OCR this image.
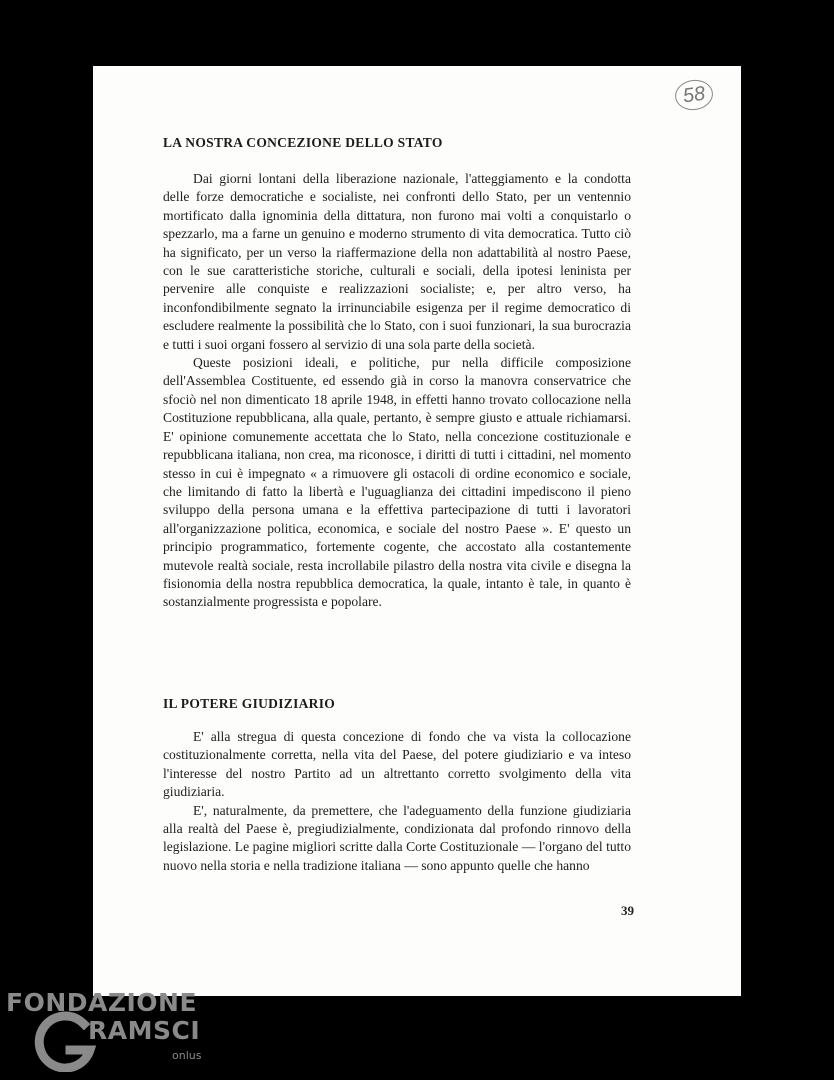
58
LA NOSTRA CONCEZIONE DELLO STATO

Dai giorni lontani della liberazione nazionale, l'atteggiamento e la condotta delle forze democratiche e socialiste, nei confronti dello Stato, per un ventennio mortificato dalla ignominia della dittatura, non furono mai volti a conquistarlo o spezzarlo, ma a farne un genuino e moderno strumento di vita democratica. Tutto ciò ha significato, per un verso la riaffermazione della non adattabilità al nostro Paese, con le sue caratteristiche storiche, culturali e sociali, della ipotesi leninista per pervenire alle conquiste e realizzazioni socialiste; e, per altro verso, ha inconfondibilmente segnato la irrinunciabile esigenza per il regime democratico di escludere realmente la possibilità che lo Stato, con i suoi funzionari, la sua burocrazia e tutti i suoi organi fossero al servizio di una sola parte della società.

Queste posizioni ideali, e politiche, pur nella difficile composizione dell'Assemblea Costituente, ed essendo già in corso la manovra conservatrice che sfociò nel non dimenticato 18 aprile 1948, in effetti hanno trovato collocazione nella Costituzione repubblicana, alla quale, pertanto, è sempre giusto e attuale richiamarsi. E' opinione comunemente accettata che lo Stato, nella concezione costituzionale e repubblicana italiana, non crea, ma riconosce, i diritti di tutti i cittadini, nel momento stesso in cui è impegnato « a rimuovere gli ostacoli di ordine economico e sociale, che limitando di fatto la libertà e l'uguaglianza dei cittadini impediscono il pieno sviluppo della persona umana e la effettiva partecipazione di tutti i lavoratori all'organizzazione politica, economica, e sociale del nostro Paese ». E' questo un principio programmatico, fortemente cogente, che accostato alla costantemente mutevole realtà sociale, resta incrollabile pilastro della nostra vita civile e disegna la fisionomia della nostra repubblica democratica, la quale, intanto è tale, in quanto è sostanzialmente progressista e popolare.

IL POTERE GIUDIZIARIO

E' alla stregua di questa concezione di fondo che va vista la collocazione costituzionalmente corretta, nella vita del Paese, del potere giudiziario e va inteso l'interesse del nostro Partito ad un altrettanto corretto svolgimento della vita giudiziaria.

E', naturalmente, da premettere, che l'adeguamento della funzione giudiziaria alla realtà del Paese è, pregiudizialmente, condizionata dal profondo rinnovo della legislazione. Le pagine migliori scritte dalla Corte Costituzionale — l'organo del tutto nuovo nella storia e nella tradizione italiana — sono appunto quelle che hanno

39
FONDAZIONE
RAMSCI
onlus
